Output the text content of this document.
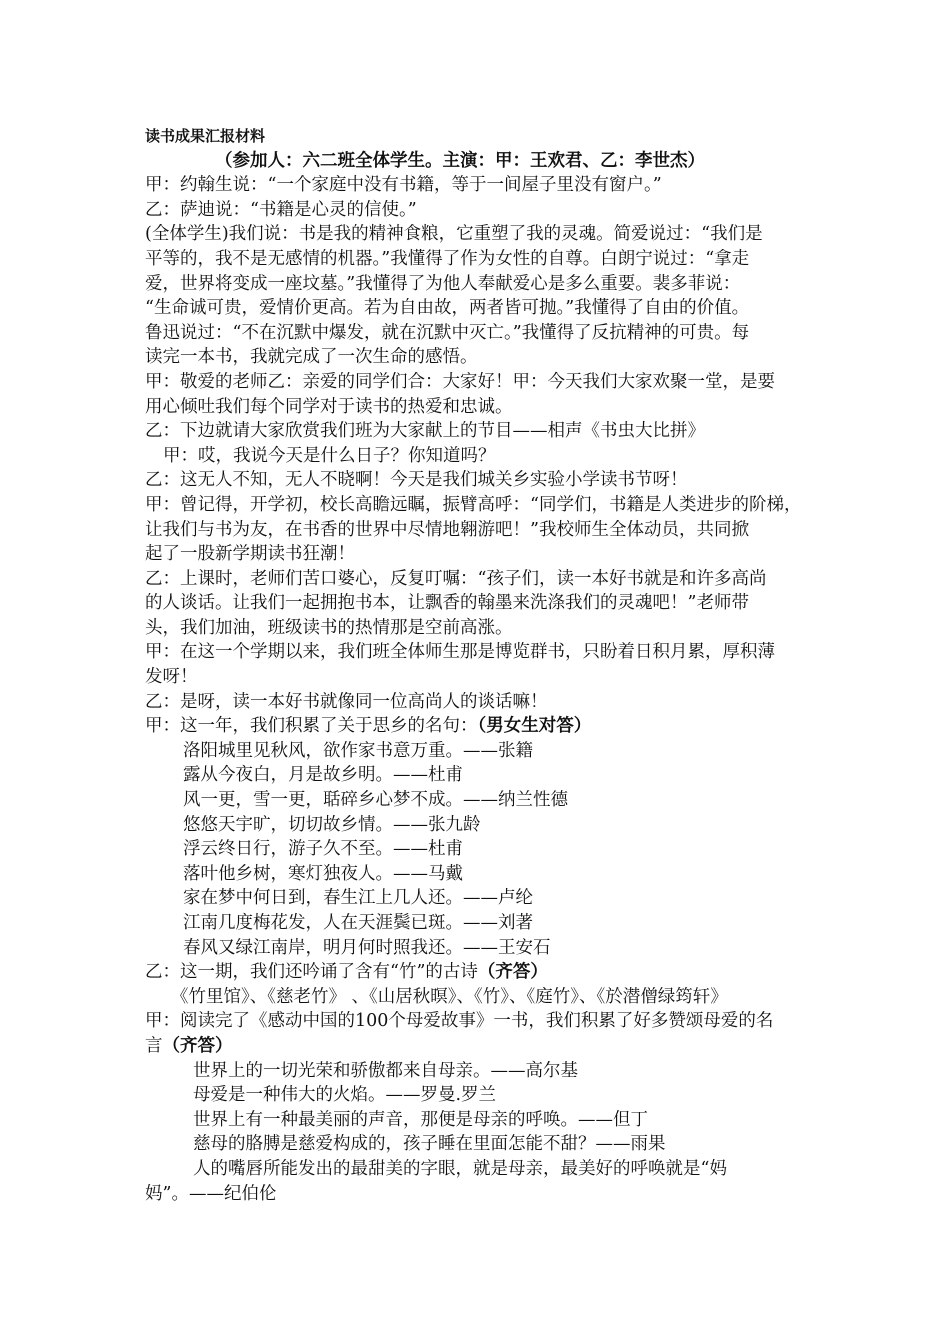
读书成果汇报材料
（参加人：六二班全体学生。主演：甲：王欢君、乙：李世杰）
甲：约翰生说：“一个家庭中没有书籍，等于一间屋子里没有窗户。”
乙：萨迪说：“书籍是心灵的信使。”
(全体学生)我们说：书是我的精神食粮，它重塑了我的灵魂。简爱说过：“我们是
平等的，我不是无感情的机器。”我懂得了作为女性的自尊。白朗宁说过：“拿走
爱，世界将变成一座坟墓。”我懂得了为他人奉献爱心是多么重要。裴多菲说：
“生命诚可贵，爱情价更高。若为自由故，两者皆可抛。”我懂得了自由的价值。
鲁迅说过：“不在沉默中爆发，就在沉默中灭亡。”我懂得了反抗精神的可贵。每
读完一本书，我就完成了一次生命的感悟。
甲：敬爱的老师乙：亲爱的同学们合：大家好！甲：今天我们大家欢聚一堂，是要
用心倾吐我们每个同学对于读书的热爱和忠诚。
乙：下边就请大家欣赏我们班为大家献上的节目——相声《书虫大比拼》
甲：哎，我说今天是什么日子？你知道吗？
乙：这无人不知，无人不晓啊！今天是我们城关乡实验小学读书节呀！
甲：曾记得，开学初，校长高瞻远瞩，振臂高呼：“同学们，书籍是人类进步的阶梯，
让我们与书为友，在书香的世界中尽情地翱游吧！”我校师生全体动员，共同掀
起了一股新学期读书狂潮！
乙：上课时，老师们苦口婆心，反复叮嘱：“孩子们，读一本好书就是和许多高尚
的人谈话。让我们一起拥抱书本，让飘香的翰墨来洗涤我们的灵魂吧！”老师带
头，我们加油，班级读书的热情那是空前高涨。
甲：在这一个学期以来，我们班全体师生那是博览群书，只盼着日积月累，厚积薄
发呀！
乙：是呀，读一本好书就像同一位高尚人的谈话嘛！
甲：这一年，我们积累了关于思乡的名句：（男女生对答）
洛阳城里见秋风，欲作家书意万重。——张籍
露从今夜白，月是故乡明。——杜甫
风一更，雪一更，聒碎乡心梦不成。——纳兰性德
悠悠天宇旷，切切故乡情。——张九龄
浮云终日行，游子久不至。——杜甫
落叶他乡树，寒灯独夜人。——马戴
家在梦中何日到，春生江上几人还。——卢纶
江南几度梅花发，人在天涯鬓已斑。——刘著
春风又绿江南岸，明月何时照我还。——王安石
乙：这一期，我们还吟诵了含有“竹”的古诗（齐答）
《竹里馆》、《慈老竹》 、《山居秋暝》、《竹》、《庭竹》、《於潜僧绿筠轩》
甲：阅读完了《感动中国的100个母爱故事》一书，我们积累了好多赞颂母爱的名
言（齐答）
世界上的一切光荣和骄傲都来自母亲。——高尔基
母爱是一种伟大的火焰。——罗曼.罗兰
世界上有一种最美丽的声音，那便是母亲的呼唤。——但丁
慈母的胳膊是慈爱构成的，孩子睡在里面怎能不甜？——雨果
人的嘴唇所能发出的最甜美的字眼，就是母亲，最美好的呼唤就是“妈
妈”。——纪伯伦
